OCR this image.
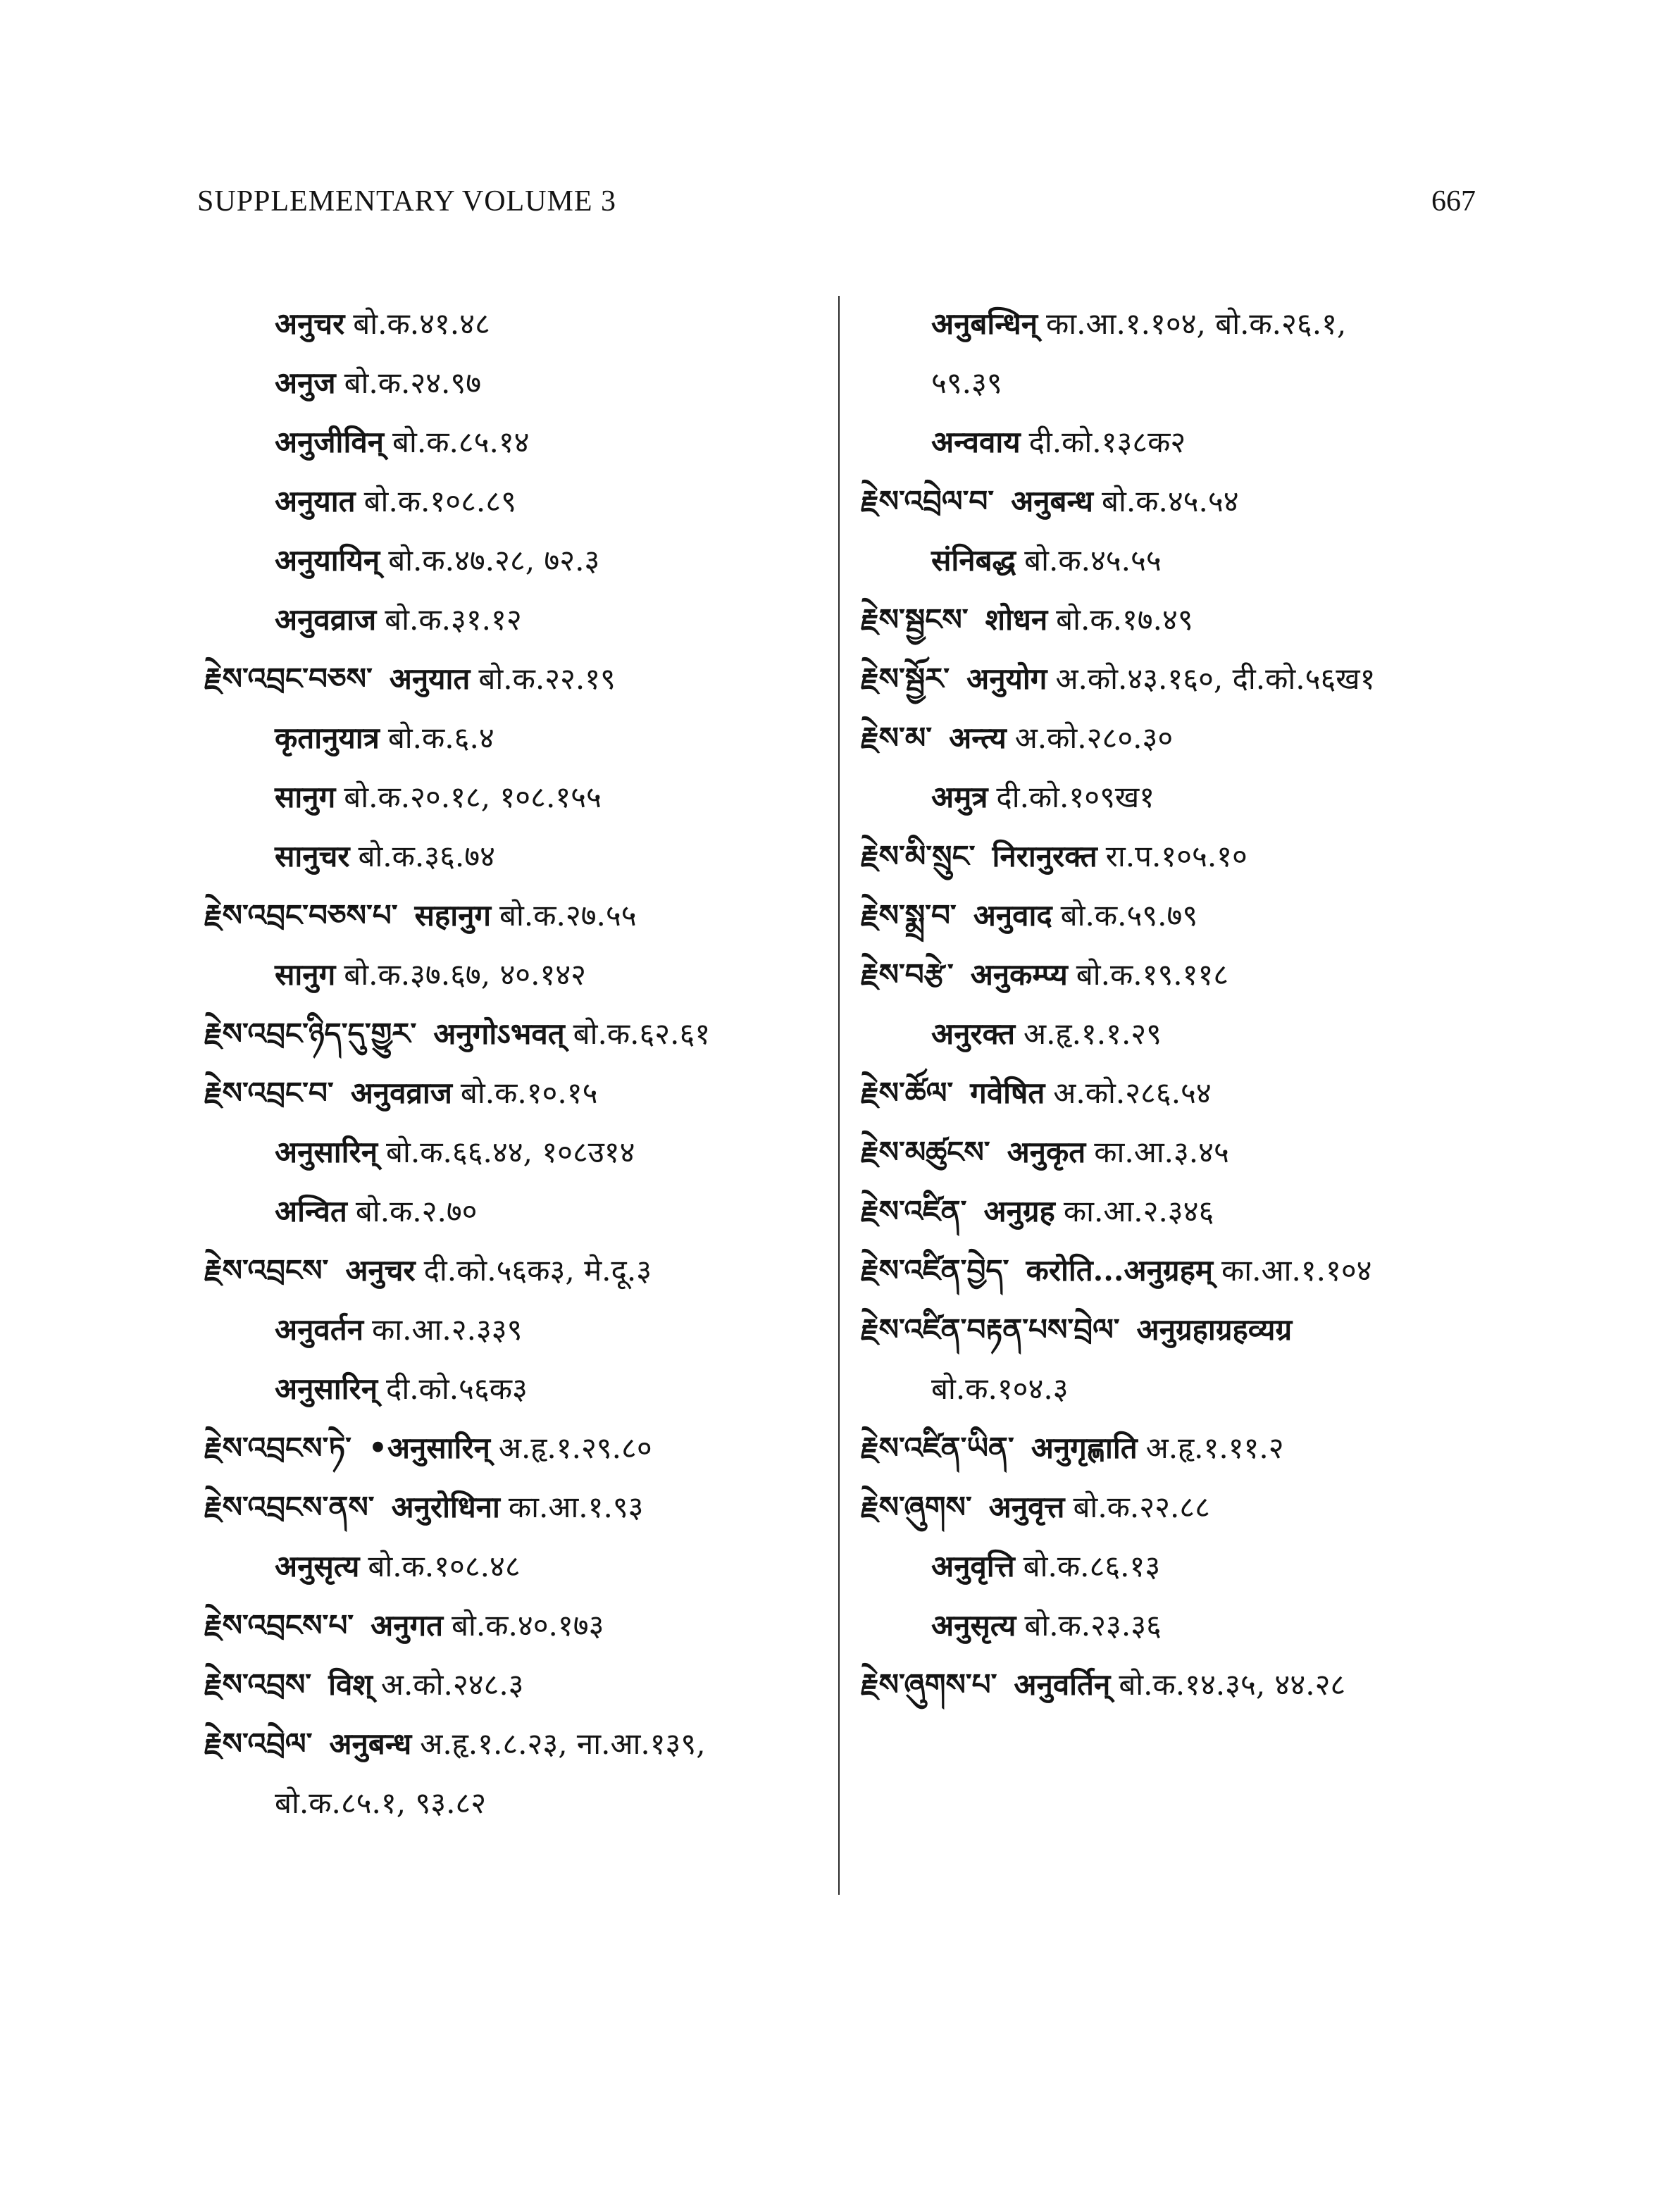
SUPPLEMENTARY VOLUME 3	667
अनुचर बो.क.४१.४८
अनुज बो.क.२४.९७
अनुजीविन् बो.क.८५.१४
अनुयात बो.क.१०८.८९
अनुयायिन् बो.क.४७.२८, ७२.३
अनुवव्राज बो.क.३१.१२
རྗེས་འབྲང་བཅས་ अनुयात बो.क.२२.१९
कृतानुयात्र बो.क.६.४
सानुग बो.क.२०.१८, १०८.१५५
सानुचर बो.क.३६.७४
རྗེས་འབྲང་བཅས་པ་ सहानुग बो.क.२७.५५
सानुग बो.क.३७.६७, ४०.१४२
རྗེས་འབྲང་ཉིད་དུ་གྱུར་ अनुगोऽभवत् बो.क.६२.६१
རྗེས་འབྲང་བ་ अनुवव्राज बो.क.१०.१५
अनुसारिन् बो.क.६६.४४, १०८उ१४
अन्वित बो.क.२.७०
རྗེས་འབྲངས་ अनुचर दी.को.५६क३, मे.दू.३
अनुवर्तन का.आ.२.३३९
अनुसारिन् दी.को.५६क३
རྗེས་འབྲངས་ཏེ་ •अनुसारिन् अ.हृ.१.२९.८०
རྗེས་འབྲངས་ནས་ अनुरोधिना का.आ.१.९३
अनुसृत्य बो.क.१०८.४८
རྗེས་འབྲངས་པ་ अनुगत बो.क.४०.१७३
རྗེས་འབྲས་ विश् अ.को.२४८.३
རྗེས་འབྲེལ་ अनुबन्ध अ.हृ.१.८.२३, ना.आ.१३९,
बो.क.८५.१, ९३.८२
अनुबन्धिन् का.आ.१.१०४, बो.क.२६.१,
५९.३९
अन्ववाय दी.को.१३८क२
རྗེས་འབྲེལ་བ་ अनुबन्ध बो.क.४५.५४
संनिबद्ध बो.क.४५.५५
རྗེས་སྦྱངས་ शोधन बो.क.१७.४९
རྗེས་སྦྱོར་ अनुयोग अ.को.४३.१६०, दी.को.५६ख१
རྗེས་མ་ अन्त्य अ.को.२८०.३०
अमुत्र दी.को.१०९ख१
རྗེས་མི་སྲུང་ निरानुरक्त रा.प.१०५.१०
རྗེས་སྨྲ་བ་ अनुवाद बो.क.५९.७९
རྗེས་བརྩེ་ अनुकम्प्य बो.क.१९.११८
अनुरक्त अ.हृ.१.१.२९
རྗེས་ཚོལ་ गवेषित अ.को.२८६.५४
རྗེས་མཚུངས་ अनुकृत का.आ.३.४५
རྗེས་འཛིན་ अनुग्रह का.आ.२.३४६
རྗེས་འཛིན་བྱེད་ करोति...अनुग्रहम् का.आ.१.१०४
རྗེས་འཛིན་བརྟན་པས་བྲེལ་ अनुग्रहाग्रहव्यग्र
बो.क.१०४.३
རྗེས་འཛིན་ཡིན་ अनुगृह्णाति अ.हृ.१.११.२
རྗེས་ཞུགས་ अनुवृत्त बो.क.२२.८८
अनुवृत्ति बो.क.८६.१३
अनुसृत्य बो.क.२३.३६
རྗེས་ཞུགས་པ་ अनुवर्तिन् बो.क.१४.३५, ४४.२८
